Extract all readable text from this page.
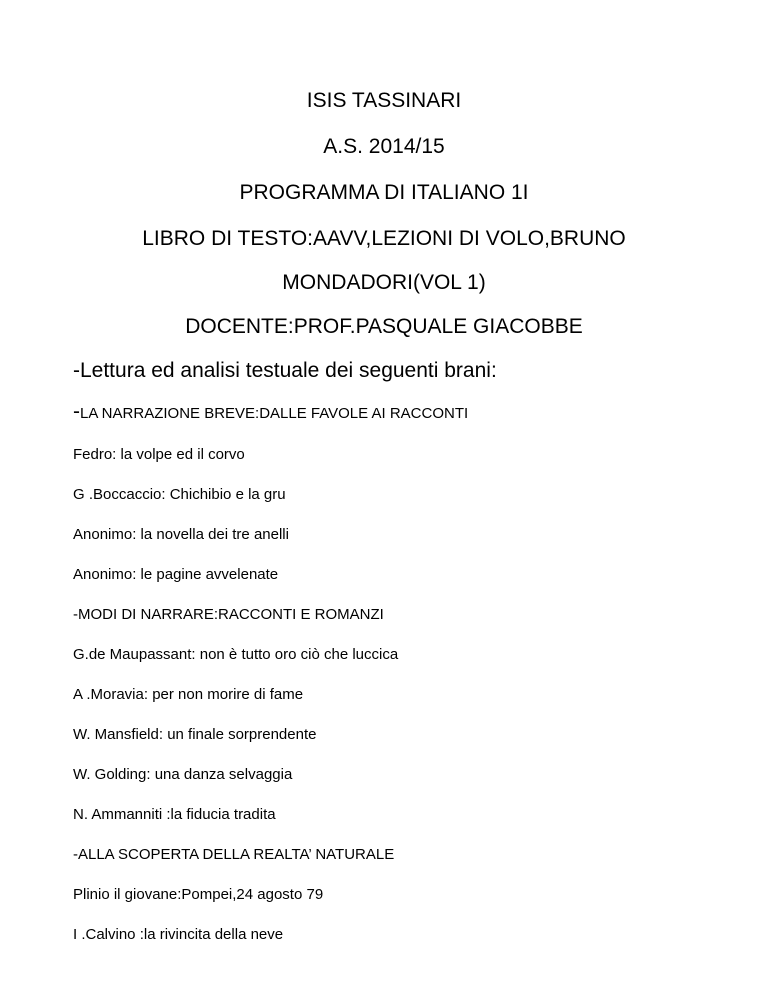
ISIS TASSINARI
A.S. 2014/15
PROGRAMMA DI ITALIANO 1I
LIBRO DI TESTO:AAVV,LEZIONI DI VOLO,BRUNO
MONDADORI(VOL 1)
DOCENTE:PROF.PASQUALE GIACOBBE
-Lettura ed analisi testuale dei seguenti brani:
-LA NARRAZIONE BREVE:DALLE FAVOLE AI RACCONTI
Fedro: la volpe ed il corvo
G .Boccaccio: Chichibio e la gru
Anonimo: la novella dei tre anelli
Anonimo: le pagine avvelenate
-MODI DI NARRARE:RACCONTI E ROMANZI
G.de Maupassant: non è tutto oro ciò che luccica
A .Moravia: per non morire di fame
W. Mansfield: un finale sorprendente
W. Golding: una danza selvaggia
N. Ammanniti :la fiducia tradita
-ALLA SCOPERTA DELLA REALTA’ NATURALE
Plinio il giovane:Pompei,24 agosto 79
I .Calvino :la rivincita della neve
